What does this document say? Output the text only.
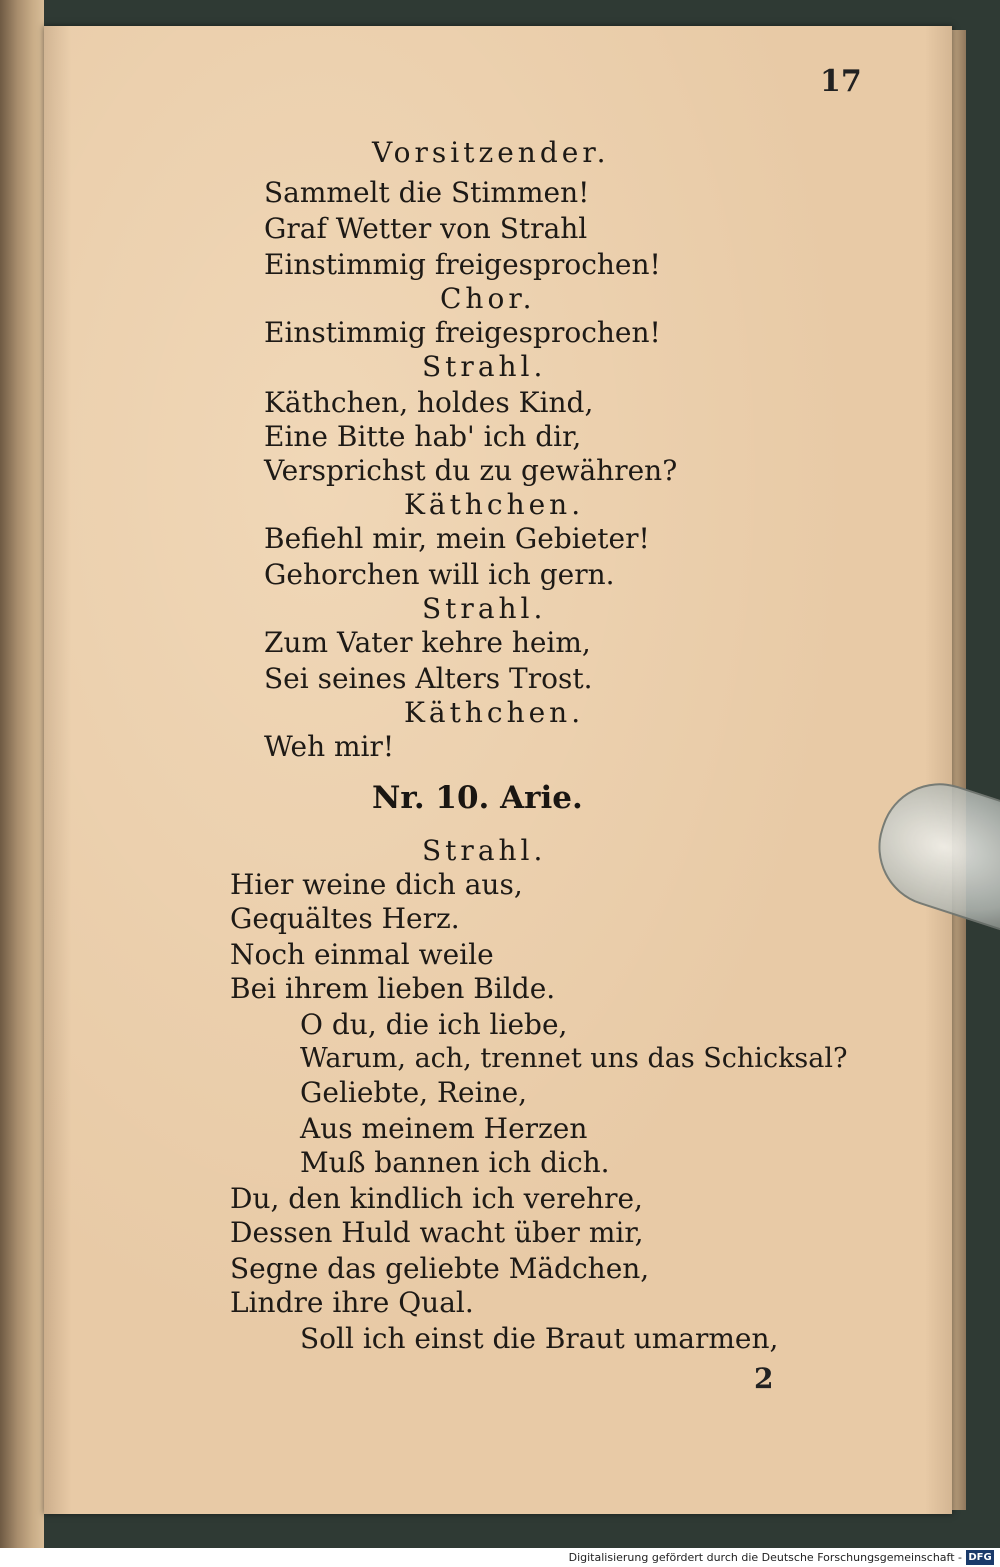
17
Vorsitzender.
Sammelt die Stimmen!
Graf Wetter von Strahl
Einstimmig freigesprochen!
Chor.
Einstimmig freigesprochen!
Strahl.
Käthchen, holdes Kind,
Eine Bitte hab' ich dir,
Versprichst du zu gewähren?
Käthchen.
Befiehl mir, mein Gebieter!
Gehorchen will ich gern.
Strahl.
Zum Vater kehre heim,
Sei seines Alters Trost.
Käthchen.
Weh mir!
Nr. 10. Arie.
Strahl.
Hier weine dich aus,
Gequältes Herz.
Noch einmal weile
Bei ihrem lieben Bilde.
O du, die ich liebe,
Warum, ach, trennet uns das Schicksal?
Geliebte, Reine,
Aus meinem Herzen
Muß bannen ich dich.
Du, den kindlich ich verehre,
Dessen Huld wacht über mir,
Segne das geliebte Mädchen,
Lindre ihre Qual.
Soll ich einst die Braut umarmen,
2
Digitalisierung gefördert durch die Deutsche Forschungsgemeinschaft - DFG
